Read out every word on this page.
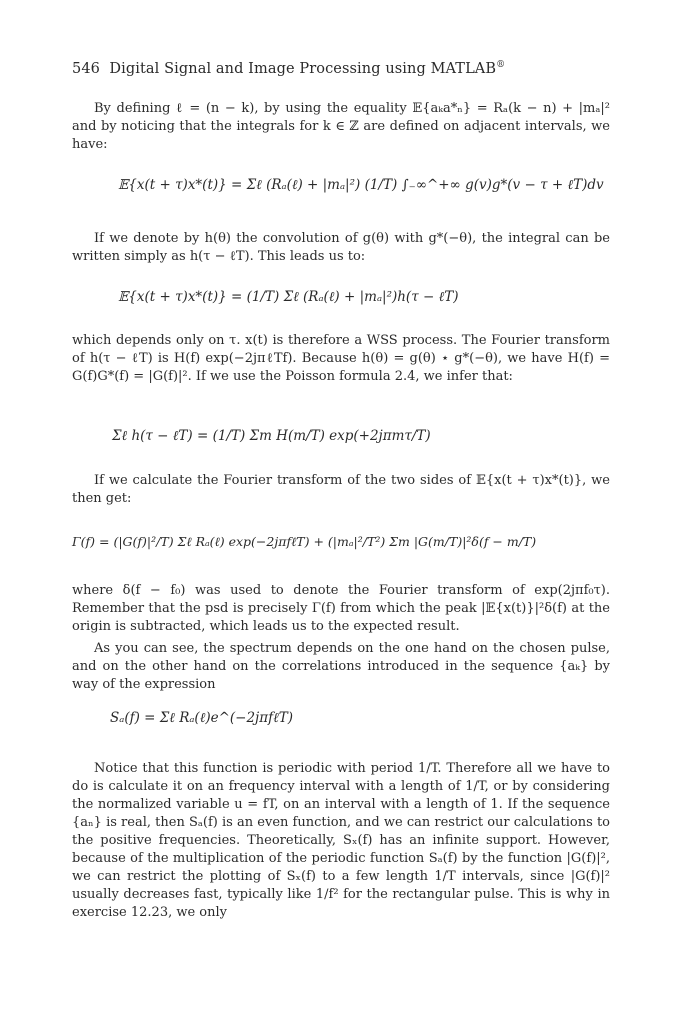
546 Digital Signal and Image Processing using MATLAB®
By defining ℓ = (n − k), by using the equality 𝔼{aₖa*ₙ} = Rₐ(k − n) + |mₐ|² and by noticing that the integrals for k ∈ ℤ are defined on adjacent intervals, we have:
𝔼{x(t + τ)x*(t)} = Σℓ (Rₐ(ℓ) + |mₐ|²) (1/T) ∫₋∞^+∞ g(v)g*(v − τ + ℓT)dv
If we denote by h(θ) the convolution of g(θ) with g*(−θ), the integral can be written simply as h(τ − ℓT). This leads us to:
𝔼{x(t + τ)x*(t)} = (1/T) Σℓ (Rₐ(ℓ) + |mₐ|²)h(τ − ℓT)
which depends only on τ. x(t) is therefore a WSS process. The Fourier transform of h(τ − ℓT) is H(f) exp(−2jπℓTf). Because h(θ) = g(θ) ⋆ g*(−θ), we have H(f) = G(f)G*(f) = |G(f)|². If we use the Poisson formula 2.4, we infer that:
Σℓ h(τ − ℓT) = (1/T) Σm H(m/T) exp(+2jπmτ/T)
If we calculate the Fourier transform of the two sides of 𝔼{x(t + τ)x*(t)}, we then get:
Γ(f) = (|G(f)|²/T) Σℓ Rₐ(ℓ) exp(−2jπfℓT) + (|mₐ|²/T²) Σm |G(m/T)|²δ(f − m/T)
where δ(f − f₀) was used to denote the Fourier transform of exp(2jπf₀τ). Remember that the psd is precisely Γ(f) from which the peak |𝔼{x(t)}|²δ(f) at the origin is subtracted, which leads us to the expected result.
As you can see, the spectrum depends on the one hand on the chosen pulse, and on the other hand on the correlations introduced in the sequence {aₖ} by way of the expression
Sₐ(f) = Σℓ Rₐ(ℓ)e^(−2jπfℓT)
Notice that this function is periodic with period 1/T. Therefore all we have to do is calculate it on an frequency interval with a length of 1/T, or by considering the normalized variable u = fT, on an interval with a length of 1. If the sequence {aₙ} is real, then Sₐ(f) is an even function, and we can restrict our calculations to the positive frequencies. Theoretically, Sₓ(f) has an infinite support. However, because of the multiplication of the periodic function Sₐ(f) by the function |G(f)|², we can restrict the plotting of Sₓ(f) to a few length 1/T intervals, since |G(f)|² usually decreases fast, typically like 1/f² for the rectangular pulse. This is why in exercise 12.23, we only
